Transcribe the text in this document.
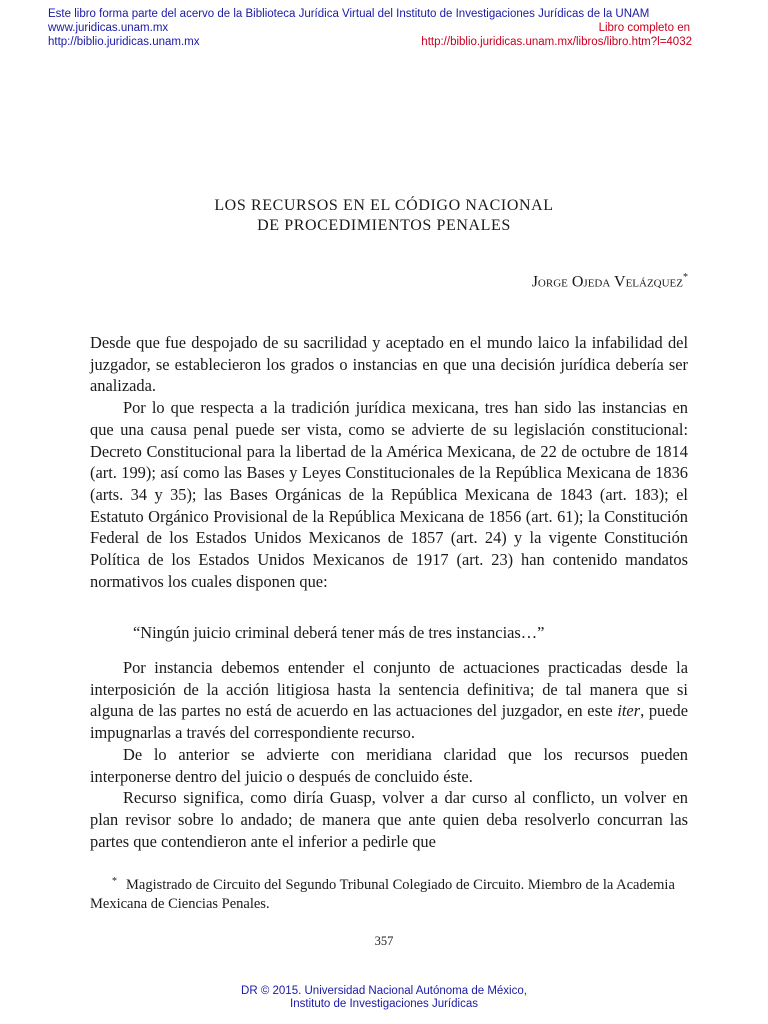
Este libro forma parte del acervo de la Biblioteca Jurídica Virtual del Instituto de Investigaciones Jurídicas de la UNAM
www.juridicas.unam.mx	Libro completo en
http://biblio.juridicas.unam.mx	http://biblio.juridicas.unam.mx/libros/libro.htm?l=4032
LOS RECURSOS EN EL CÓDIGO NACIONAL
DE PROCEDIMIENTOS PENALES
Jorge Ojeda Velázquez*

Desde que fue despojado de su sacrilidad y aceptado en el mundo laico la infabilidad del juzgador, se establecieron los grados o instancias en que una decisión jurídica debería ser analizada.

Por lo que respecta a la tradición jurídica mexicana, tres han sido las instancias en que una causa penal puede ser vista, como se advierte de su legislación constitucional: Decreto Constitucional para la libertad de la América Mexicana, de 22 de octubre de 1814 (art. 199); así como las Bases y Leyes Constitucionales de la República Mexicana de 1836 (arts. 34 y 35); las Bases Orgánicas de la República Mexicana de 1843 (art. 183); el Estatuto Orgánico Provisional de la República Mexicana de 1856 (art. 61); la Constitución Federal de los Estados Unidos Mexicanos de 1857 (art. 24) y la vigente Constitución Política de los Estados Unidos Mexicanos de 1917 (art. 23) han contenido mandatos normativos los cuales disponen que:

“Ningún juicio criminal deberá tener más de tres instancias…”

Por instancia debemos entender el conjunto de actuaciones practicadas desde la interposición de la acción litigiosa hasta la sentencia definitiva; de tal manera que si alguna de las partes no está de acuerdo en las actuaciones del juzgador, en este iter, puede impugnarlas a través del correspondiente recurso.

De lo anterior se advierte con meridiana claridad que los recursos pueden interponerse dentro del juicio o después de concluido éste.

Recurso significa, como diría Guasp, volver a dar curso al conflicto, un volver en plan revisor sobre lo andado; de manera que ante quien deba resolverlo concurran las partes que contendieron ante el inferior a pedirle que

* Magistrado de Circuito del Segundo Tribunal Colegiado de Circuito. Miembro de la Academia Mexicana de Ciencias Penales.
357
DR © 2015. Universidad Nacional Autónoma de México,
Instituto de Investigaciones Jurídicas
